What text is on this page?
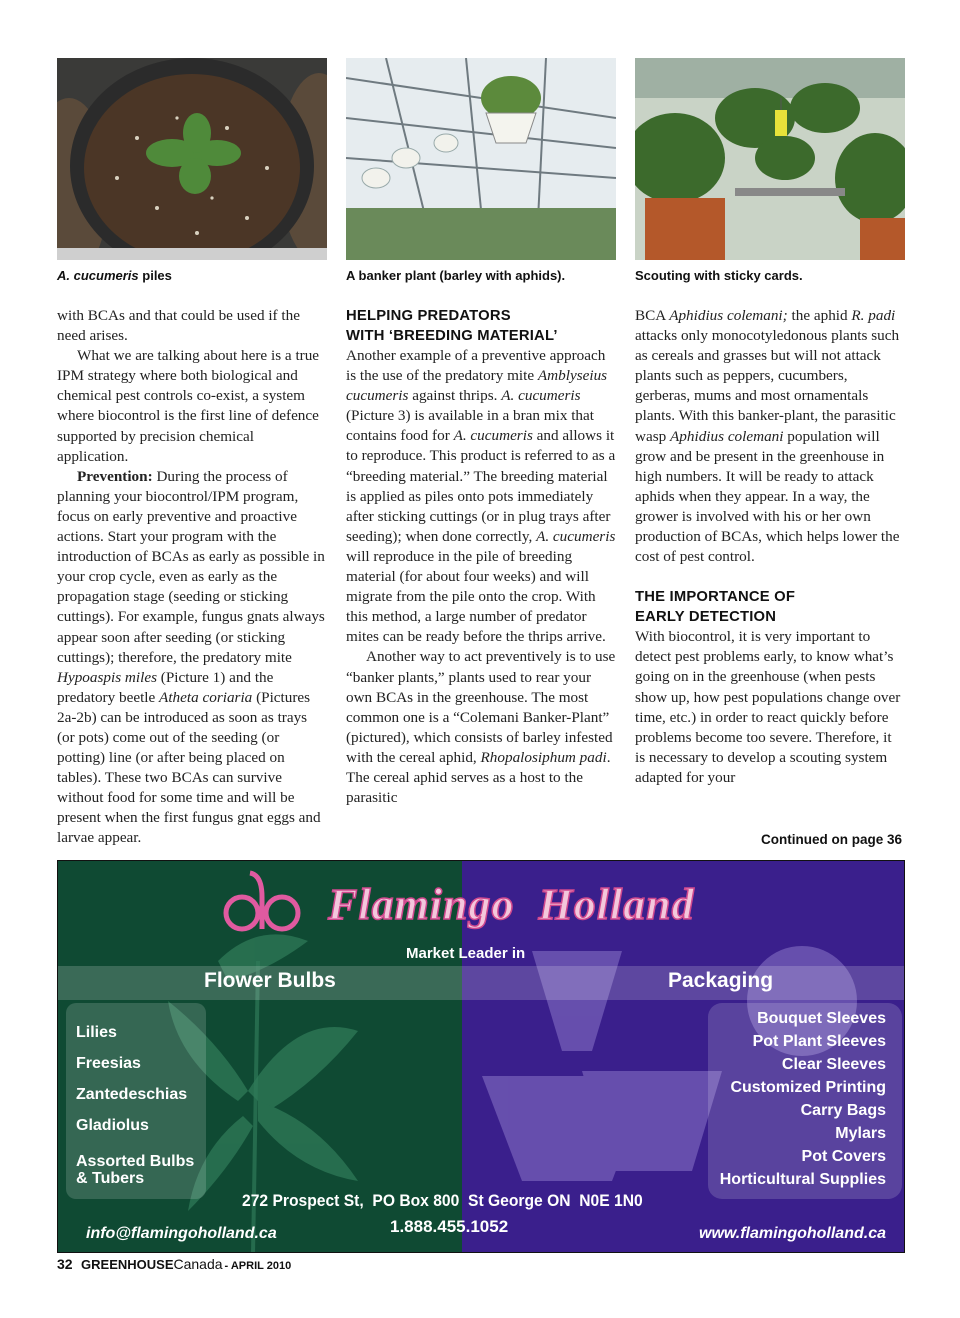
A. cucumeris piles	A banker plant (barley with aphids).	Scouting with sticky cards.

with BCAs and that could be used if the need arises.

What we are talking about here is a true IPM strategy where both biological and chemical pest controls co-exist, a system where biocontrol is the first line of defence supported by precision chemical application.

Prevention: During the process of planning your biocontrol/IPM program, focus on early preventive and proactive actions. Start your program with the introduction of BCAs as early as possible in your crop cycle, even as early as the propagation stage (seeding or sticking cuttings). For example, fungus gnats always appear soon after seeding (or sticking cuttings); therefore, the predatory mite Hypoaspis miles (Picture 1) and the predatory beetle Atheta coriaria (Pictures 2a-2b) can be introduced as soon as trays (or pots) come out of the seeding (or potting) line (or after being placed on tables). These two BCAs can survive without food for some time and will be present when the first fungus gnat eggs and larvae appear.

HELPING PREDATORS
WITH ‘BREEDING MATERIAL’

Another example of a preventive approach is the use of the predatory mite Amblyseius cucumeris against thrips. A. cucumeris (Picture 3) is available in a bran mix that contains food for A. cucumeris and allows it to reproduce. This product is referred to as a “breeding material.” The breeding material is applied as piles onto pots immediately after sticking cuttings (or in plug trays after seeding); when done correctly, A. cucumeris will reproduce in the pile of breeding material (for about four weeks) and will migrate from the pile onto the crop. With this method, a large number of predator mites can be ready before the thrips arrive.

Another way to act preventively is to use “banker plants,” plants used to rear your own BCAs in the greenhouse. The most common one is a “Colemani Banker-Plant” (pictured), which consists of barley infested with the cereal aphid, Rhopalosiphum padi. The cereal aphid serves as a host to the parasitic

BCA Aphidius colemani; the aphid R. padi attacks only monocotyledonous plants such as cereals and grasses but will not attack plants such as peppers, cucumbers, gerberas, mums and most ornamentals plants. With this banker-plant, the parasitic wasp Aphidius colemani population will grow and be present in the greenhouse in high numbers. It will be ready to attack aphids when they appear. In a way, the grower is involved with his or her own production of BCAs, which helps lower the cost of pest control.

THE IMPORTANCE OF
EARLY DETECTION

With biocontrol, it is very important to detect pest problems early, to know what’s going on in the greenhouse (when pests show up, how pest populations change over time, etc.) in order to react quickly before problems become too severe. Therefore, it is necessary to develop a scouting system adapted for your

Continued on page 36
Flamingo  Holland
Market Leader in
Flower Bulbs
Lilies
Freesias
Zantedeschias
Gladiolus
Assorted Bulbs
& Tubers
Packaging
Bouquet Sleeves
Pot Plant Sleeves
Clear Sleeves
Customized Printing
Carry Bags
Mylars
Pot Covers
Horticultural Supplies
272 Prospect St,  PO Box 800  St George ON  N0E 1N0
1.888.455.1052
info@flamingoholland.ca	www.flamingoholland.ca
32 GREENHOUSECanada - APRIL 2010
